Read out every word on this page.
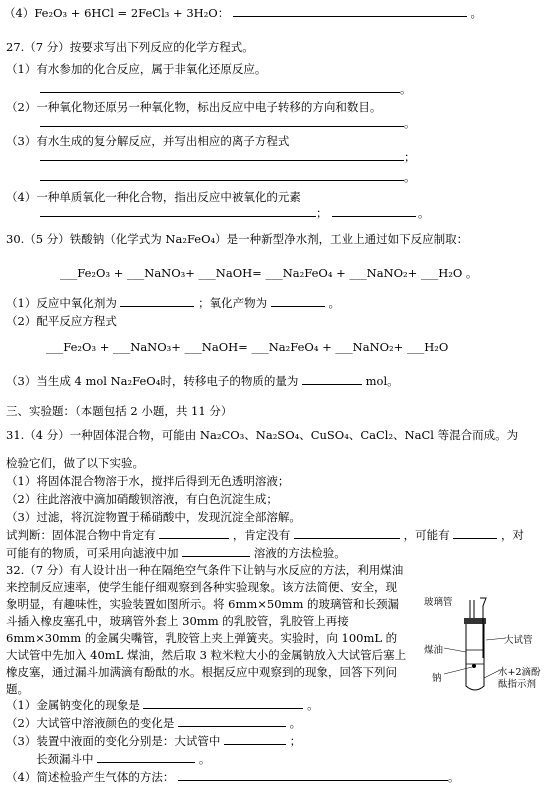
（4）Fe₂O₃ + 6HCl = 2FeCl₃ + 3H₂O：	。
27.（7 分）按要求写出下列反应的化学方程式。
（1）有水参加的化合反应，属于非氧化还原反应。
。
（2）一种氧化物还原另一种氧化物，标出反应中电子转移的方向和数目。
。
（3）有水生成的复分解反应，并写出相应的离子方程式
；
。
（4）一种单质氧化一种化合物，指出反应中被氧化的元素
；	。
30.（5 分）铁酸钠（化学式为 Na₂FeO₄）是一种新型净水剂，工业上通过如下反应制取：
___Fe₂O₃ + ___NaNO₃+ ___NaOH= ___Na₂FeO₄ + ___NaNO₂+ ___H₂O 。
（1）反应中氧化剂为	；氧化产物为	。
（2）配平反应方程式
___Fe₂O₃ + ___NaNO₃+ ___NaOH= ___Na₂FeO₄ + ___NaNO₂+ ___H₂O
（3）当生成 4 mol Na₂FeO₄时，转移电子的物质的量为	mol。
三、实验题：（本题包括 2 小题，共 11 分）
31.（4 分）一种固体混合物，可能由 Na₂CO₃、Na₂SO₄、CuSO₄、CaCl₂、NaCl 等混合而成。为
检验它们，做了以下实验。
（1）将固体混合物溶于水，搅拌后得到无色透明溶液；
（2）往此溶液中滴加硝酸钡溶液，有白色沉淀生成；
（3）过滤，将沉淀物置于稀硝酸中，发现沉淀全部溶解。
试判断：固体混合物中肯定有	，肯定没有	，可能有	，对
可能有的物质，可采用向滤液中加	溶液的方法检验。
32.（7 分）有人设计出一种在隔绝空气条件下让钠与水反应的方法，利用煤油来控制反应速率，使学生能仔细观察到各种实验现象。该方法简便、安全，现象明显，有趣味性，实验装置如图所示。将 6mm×50mm 的玻璃管和长颈漏斗插入橡皮塞孔中，玻璃管外套上 30mm 的乳胶管，乳胶管上再接 6mm×30mm 的金属尖嘴管，乳胶管上夹上弹簧夹。实验时，向 100mL 的大试管中先加入 40mL 煤油，然后取 3 粒米粒大小的金属钠放入大试管后塞上橡皮塞，通过漏斗加满滴有酚酞的水。根据反应中观察到的现象，回答下列问题。
玻璃管
煤油
大试管
钠
水+2滴酚
酞指示剂
（1）金属钠变化的现象是	。
（2）大试管中溶液颜色的变化是	。
（3）装置中液面的变化分别是：大试管中	；
长颈漏斗中	。
（4）简述检验产生气体的方法：	。
